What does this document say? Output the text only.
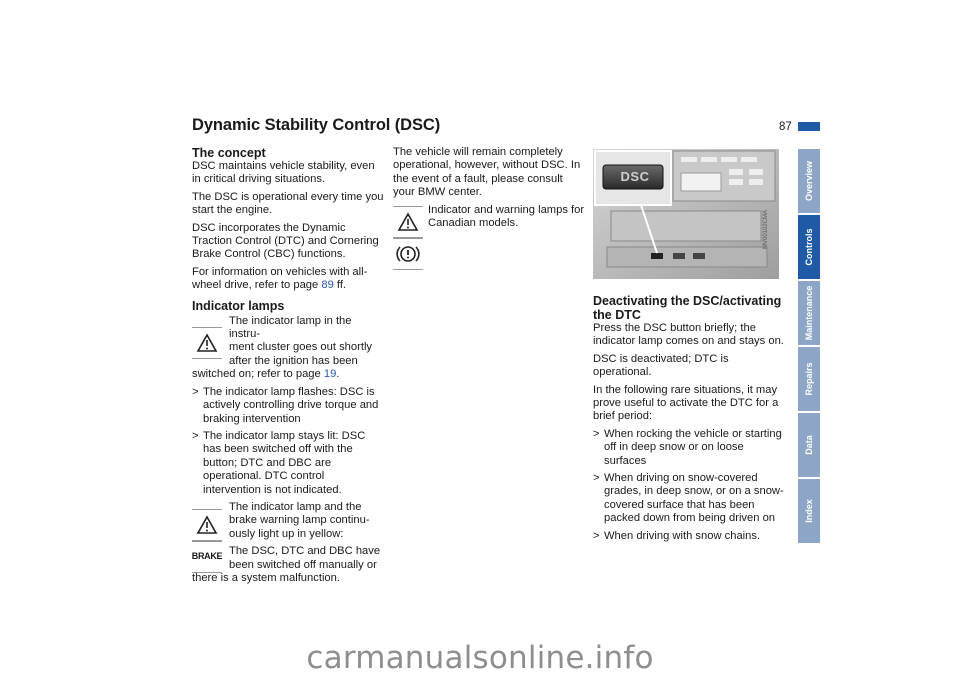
Dynamic Stability Control (DSC)	87
The concept

DSC maintains vehicle stability, even in critical driving situations.

The DSC is operational every time you start the engine.

DSC incorporates the Dynamic Traction Control (DTC) and Cornering Brake Control (CBC) functions.

For information on vehicles with all-wheel drive, refer to page 89 ff.

Indicator lamps
The indicator lamp in the instru-
ment cluster goes out shortly
after the ignition has been
switched on; refer to page 19.

> The indicator lamp flashes: DSC is actively controlling drive torque and braking intervention

> The indicator lamp stays lit: DSC has been switched off with the button; DTC and DBC are operational. DTC control intervention is not indicated.

BRAKE
The indicator lamp and the
brake warning lamp continu-
ously light up in yellow:
The DSC, DTC and DBC have
been switched off manually or
there is a system malfunction.

The vehicle will remain completely operational, however, without DSC. In the event of a fault, please consult your BMW center.

Indicator and warning lamps for
Canadian models.
DSC
MV00102CMA
Deactivating the DSC/activating the DTC

Press the DSC button briefly; the indicator lamp comes on and stays on.

DSC is deactivated; DTC is operational.

In the following rare situations, it may prove useful to activate the DTC for a brief period:

> When rocking the vehicle or starting off in deep snow or on loose surfaces

> When driving on snow-covered grades, in deep snow, or on a snow-covered surface that has been packed down from being driven on

> When driving with snow chains.

Overview
Controls
Maintenance
Repairs
Data
Index
carmanualsonline.info
